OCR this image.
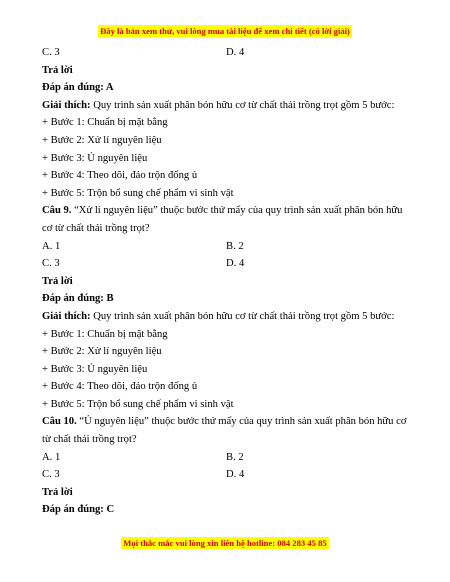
Đây là bản xem thử, vui lòng mua tài liệu để xem chi tiết (có lời giải)
C. 3	D. 4
Trả lời
Đáp án đúng: A
Giải thích: Quy trình sản xuất phân bón hữu cơ từ chất thải trồng trọt gồm 5 bước:
+ Bước 1: Chuẩn bị mặt bằng
+ Bước 2: Xử lí nguyên liệu
+ Bước 3: Ủ nguyên liệu
+ Bước 4: Theo dõi, đảo trộn đống ủ
+ Bước 5: Trộn bổ sung chế phẩm vi sinh vật
Câu 9. “Xử lí nguyên liệu” thuộc bước thứ mấy của quy trình sản xuất phân bón hữu cơ từ chất thải trồng trọt?
A. 1	B. 2
C. 3	D. 4
Trả lời
Đáp án đúng: B
Giải thích: Quy trình sản xuất phân bón hữu cơ từ chất thải trồng trọt gồm 5 bước:
+ Bước 1: Chuẩn bị mặt bằng
+ Bước 2: Xử lí nguyên liệu
+ Bước 3: Ủ nguyên liệu
+ Bước 4: Theo dõi, đảo trộn đống ủ
+ Bước 5: Trộn bổ sung chế phẩm vi sinh vật
Câu 10. “Ủ nguyên liệu” thuộc bước thứ mấy của quy trình sản xuất phân bón hữu cơ từ chất thải trồng trọt?
A. 1	B. 2
C. 3	D. 4
Trả lời
Đáp án đúng: C
Mọi thắc mắc vui lòng xin liên hệ hotline: 084 283 45 85
